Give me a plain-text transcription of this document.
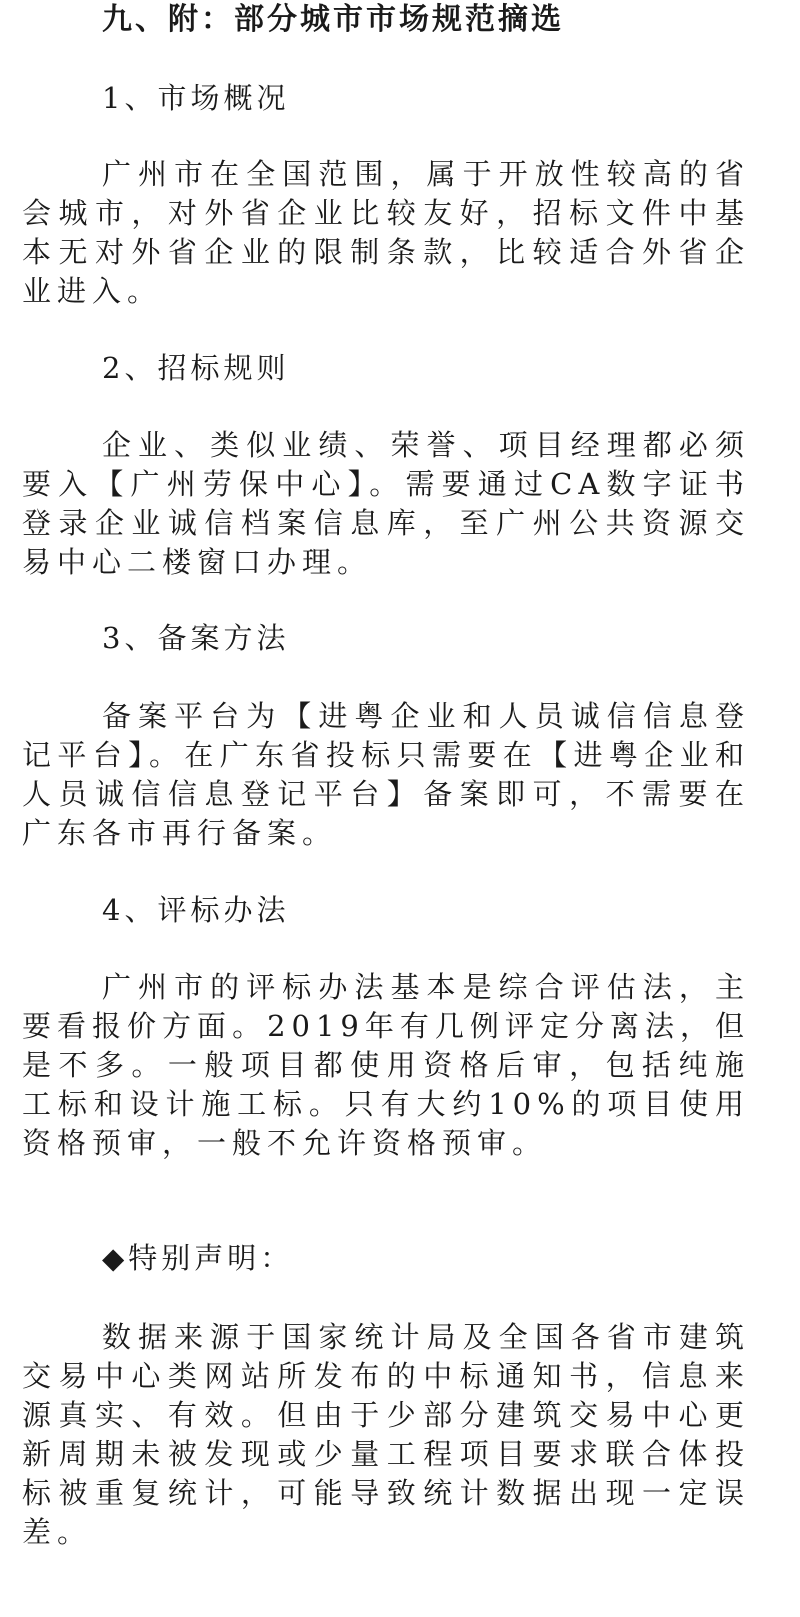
九、附：部分城市市场规范摘选
1、市场概况

广州市在全国范围，属于开放性较高的省会城市，对外省企业比较友好，招标文件中基本无对外省企业的限制条款，比较适合外省企业进入。

2、招标规则

企业、类似业绩、荣誉、项目经理都必须要入【广州劳保中心】。需要通过CA数字证书登录企业诚信档案信息库，至广州公共资源交易中心二楼窗口办理。

3、备案方法

备案平台为【进粤企业和人员诚信信息登记平台】。在广东省投标只需要在【进粤企业和人员诚信信息登记平台】备案即可，不需要在广东各市再行备案。

4、评标办法

广州市的评标办法基本是综合评估法，主要看报价方面。2019年有几例评定分离法，但是不多。一般项目都使用资格后审，包括纯施工标和设计施工标。只有大约10%的项目使用资格预审，一般不允许资格预审。

◆特别声明：

数据来源于国家统计局及全国各省市建筑交易中心类网站所发布的中标通知书，信息来源真实、有效。但由于少部分建筑交易中心更新周期未被发现或少量工程项目要求联合体投标被重复统计，可能导致统计数据出现一定误差。
